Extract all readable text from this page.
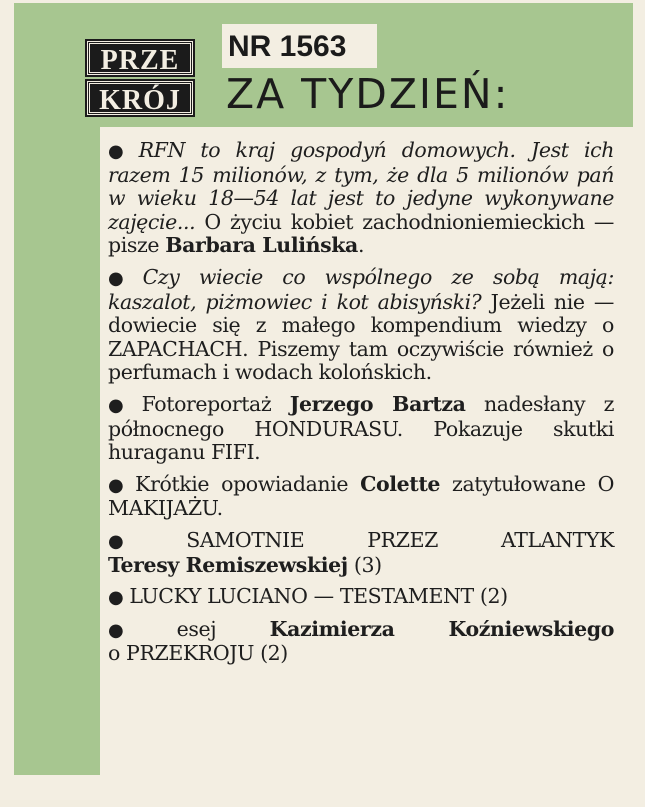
PRZE
KRÓJ
NR 1563
ZA TYDZIEŃ:

● RFN to kraj gospodyń domowych. Jest ich razem 15 milionów, z tym, że dla 5 milionów pań w wieku 18—54 lat jest to jedyne wykonywane zajęcie... O życiu kobiet zachodnioniemieckich — pisze Barbara Lulińska.

● Czy wiecie co wspólnego ze sobą mają: kaszalot, piżmowiec i kot abisyński? Jeżeli nie — dowiecie się z małego kompendium wiedzy o ZAPACHACH. Piszemy tam oczywiście również o perfumach i wodach kolońskich.

● Fotoreportaż Jerzego Bartza nadesłany z północnego HONDURASU. Pokazuje skutki huraganu FIFI.

● Krótkie opowiadanie Colette zatytułowane O MAKIJAŻU.

● SAMOTNIE PRZEZ ATLANTYK
Teresy Remiszewskiej (3)

● LUCKY LUCIANO — TESTAMENT (2)

● esej Kazimierza Koźniewskiego
o PRZEKROJU (2)
